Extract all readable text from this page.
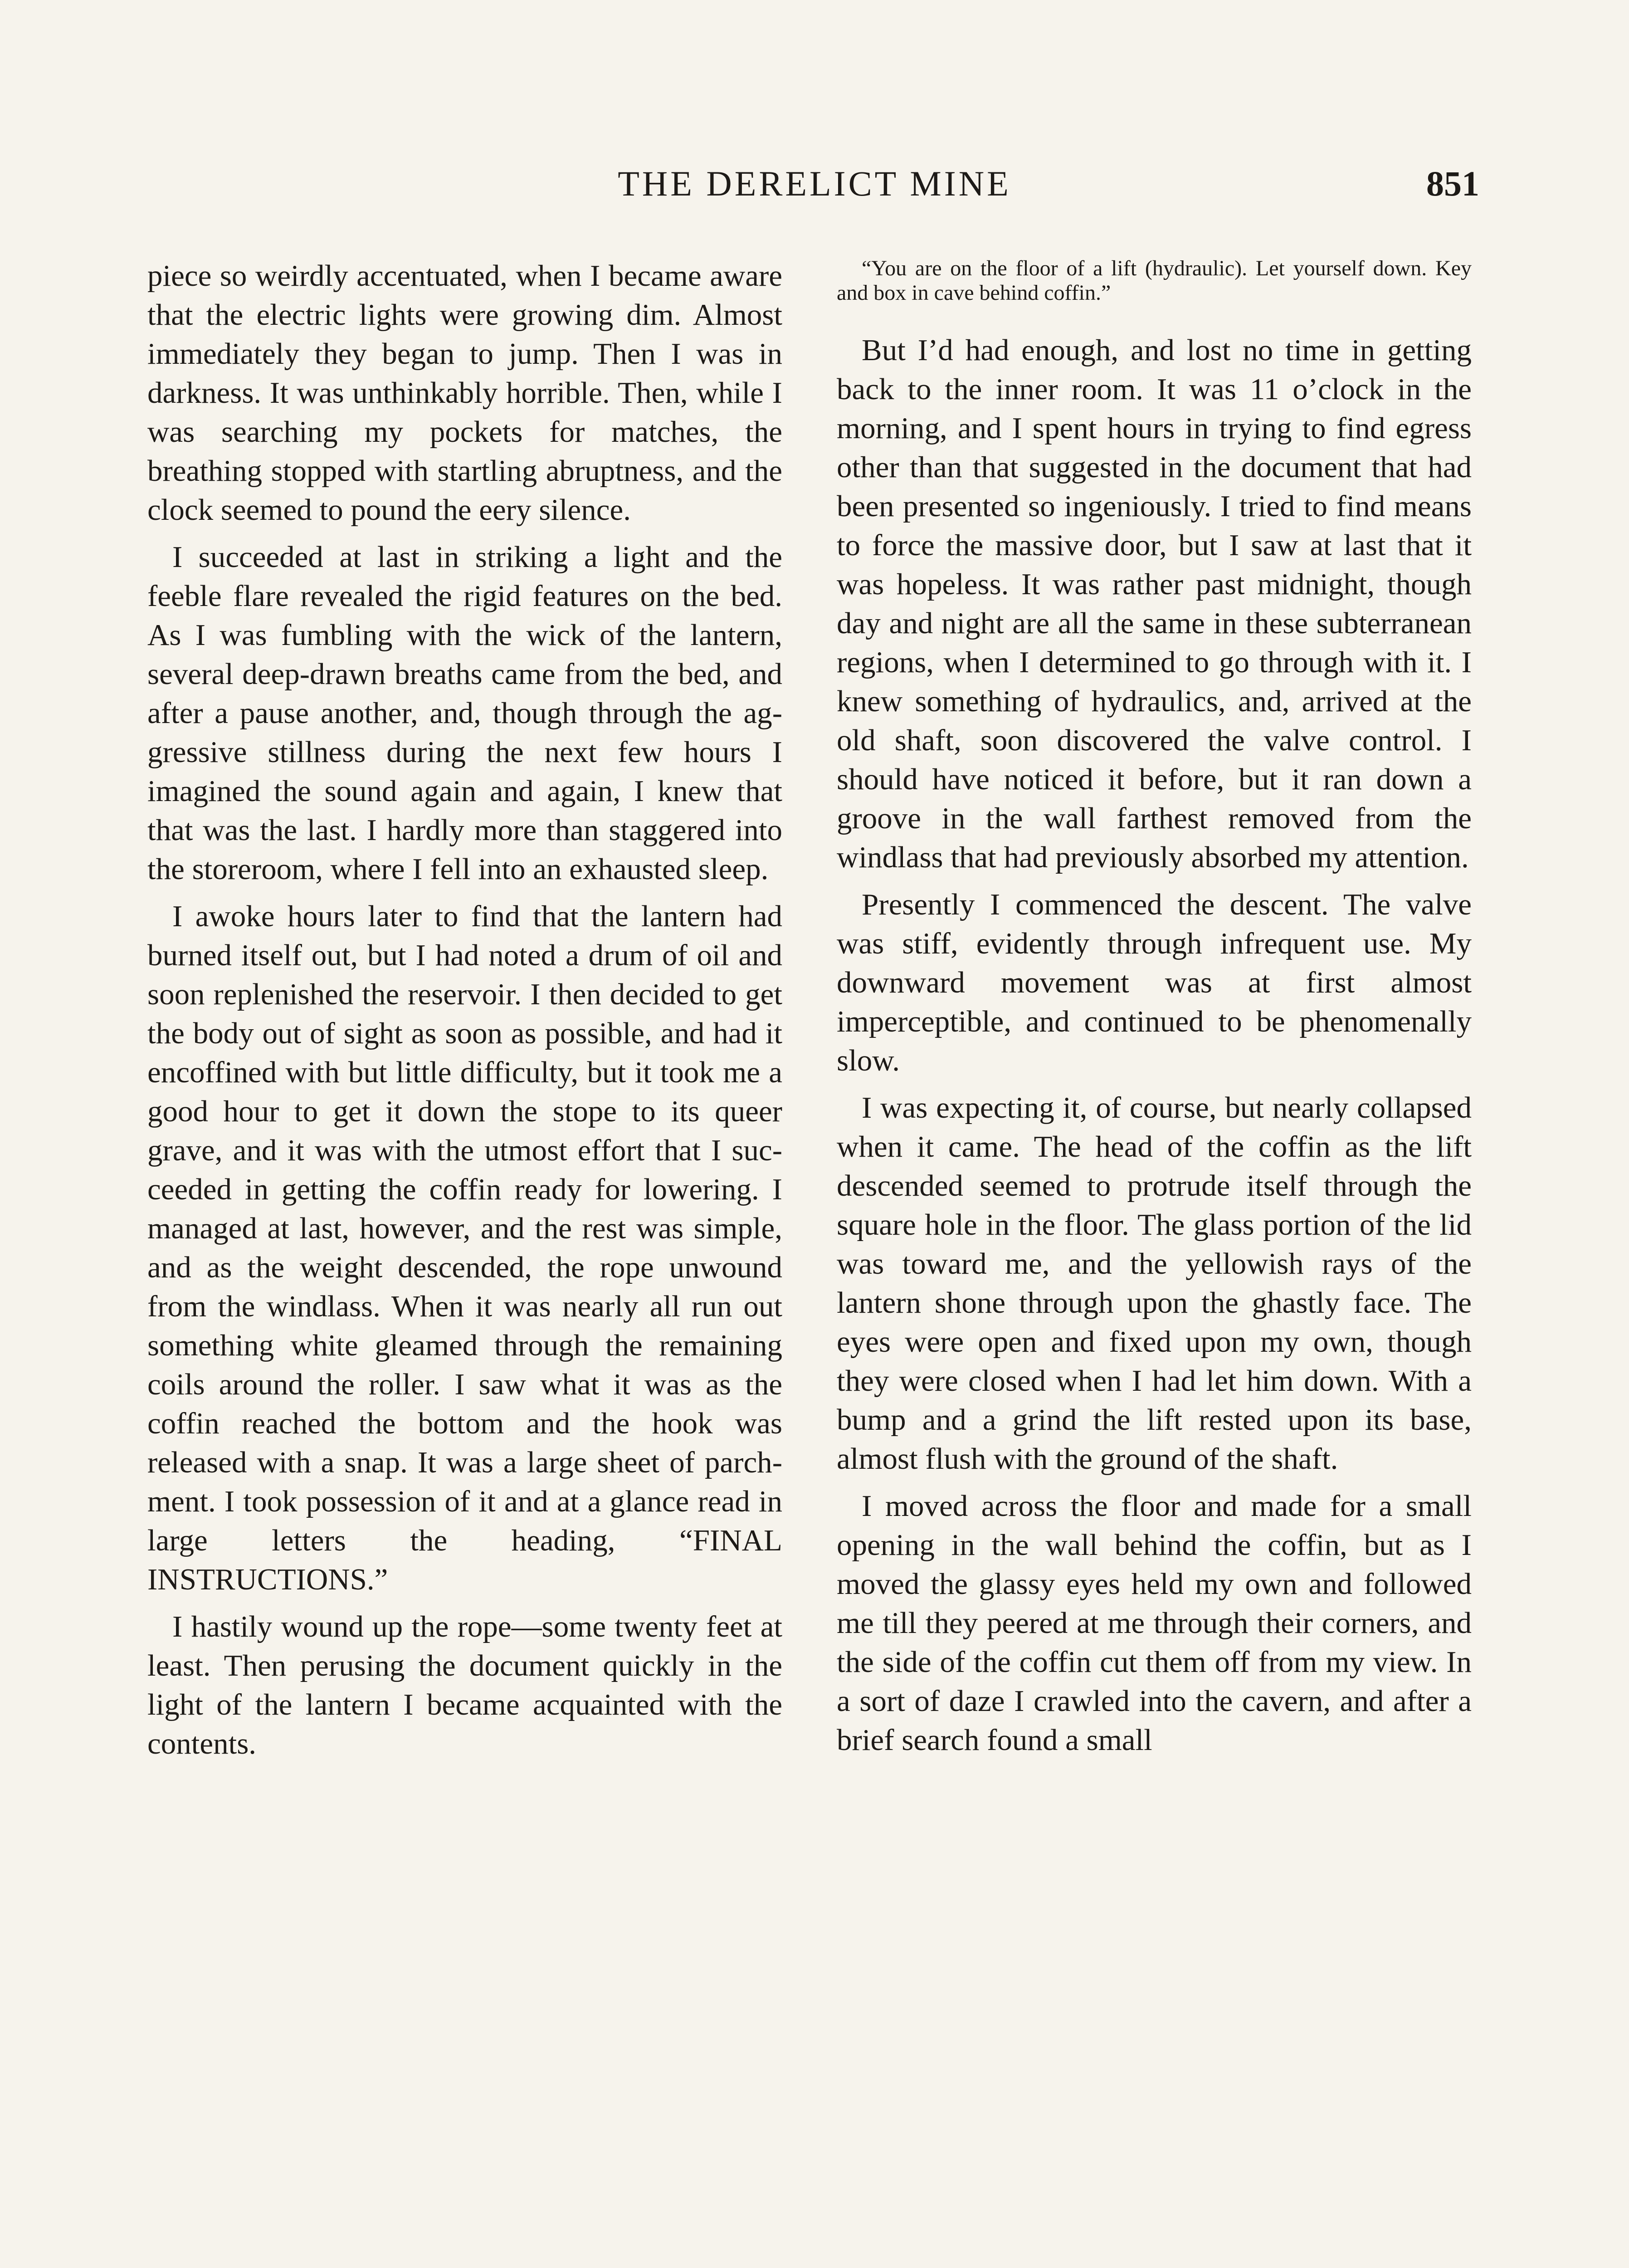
THE DERELICT MINE	851

piece so weirdly accentuated, when I became aware that the electric lights were growing dim. Almost immediately they began to jump. Then I was in darkness. It was unthinkably horrible. Then, while I was searching my pockets for matches, the breathing stopped with startling abruptness, and the clock seemed to pound the eery silence.

I succeeded at last in striking a light and the feeble flare revealed the rigid features on the bed. As I was fumbling with the wick of the lantern, several deep-drawn breaths came from the bed, and after a pause another, and, though through the aggressive stillness during the next few hours I imagined the sound again and again, I knew that that was the last. I hardly more than staggered into the storeroom, where I fell into an exhausted sleep.

I awoke hours later to find that the lantern had burned itself out, but I had noted a drum of oil and soon replenished the reservoir. I then decided to get the body out of sight as soon as possible, and had it encoffined with but little difficulty, but it took me a good hour to get it down the stope to its queer grave, and it was with the utmost effort that I succeeded in getting the coffin ready for lowering. I managed at last, however, and the rest was simple, and as the weight descended, the rope unwound from the windlass. When it was nearly all run out something white gleamed through the remaining coils around the roller. I saw what it was as the coffin reached the bottom and the hook was released with a snap. It was a large sheet of parchment. I took possession of it and at a glance read in large letters the heading, “FINAL INSTRUCTIONS.”

I hastily wound up the rope—some twenty feet at least. Then perusing the document quickly in the light of the lantern I became acquainted with the contents.

“You are on the floor of a lift (hydraulic). Let yourself down. Key and box in cave behind coffin.”

But I’d had enough, and lost no time in getting back to the inner room. It was 11 o’clock in the morning, and I spent hours in trying to find egress other than that suggested in the document that had been presented so ingeniously. I tried to find means to force the massive door, but I saw at last that it was hopeless. It was rather past midnight, though day and night are all the same in these subterranean regions, when I determined to go through with it. I knew something of hydraulics, and, arrived at the old shaft, soon discovered the valve control. I should have noticed it before, but it ran down a groove in the wall farthest removed from the windlass that had previously absorbed my attention.

Presently I commenced the descent. The valve was stiff, evidently through infrequent use. My downward movement was at first almost imperceptible, and continued to be phenomenally slow.

I was expecting it, of course, but nearly collapsed when it came. The head of the coffin as the lift descended seemed to protrude itself through the square hole in the floor. The glass portion of the lid was toward me, and the yellowish rays of the lantern shone through upon the ghastly face. The eyes were open and fixed upon my own, though they were closed when I had let him down. With a bump and a grind the lift rested upon its base, almost flush with the ground of the shaft.

I moved across the floor and made for a small opening in the wall behind the coffin, but as I moved the glassy eyes held my own and followed me till they peered at me through their corners, and the side of the coffin cut them off from my view. In a sort of daze I crawled into the cavern, and after a brief search found a small
